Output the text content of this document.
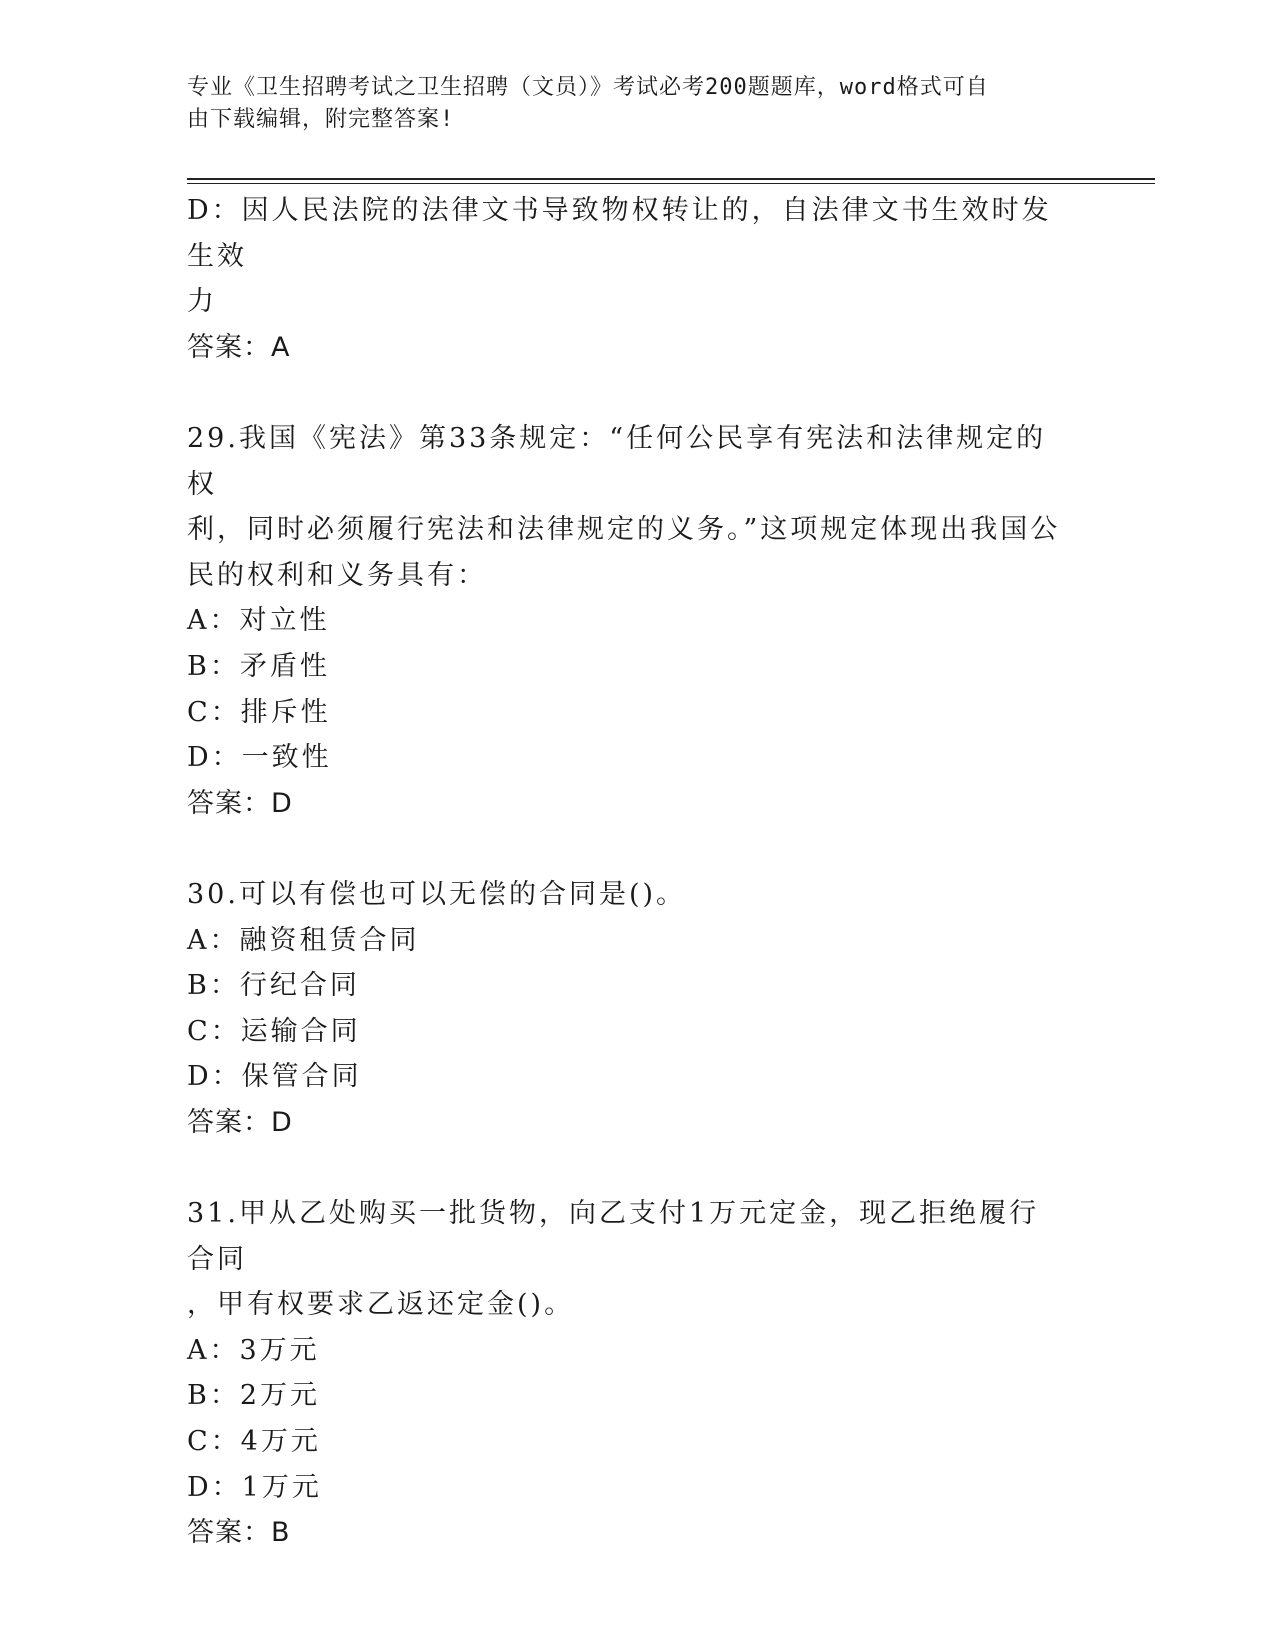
专业《卫生招聘考试之卫生招聘（文员）》考试必考200题题库，word格式可自
由下载编辑，附完整答案!
D：因人民法院的法律文书导致物权转让的，自法律文书生效时发生效
力
答案：A
29.我国《宪法》第33条规定：“任何公民享有宪法和法律规定的权
利，同时必须履行宪法和法律规定的义务。”这项规定体现出我国公
民的权利和义务具有：
A：对立性
B：矛盾性
C：排斥性
D：一致性
答案：D
30.可以有偿也可以无偿的合同是()。
A：融资租赁合同
B：行纪合同
C：运输合同
D：保管合同
答案：D
31.甲从乙处购买一批货物，向乙支付1万元定金，现乙拒绝履行合同
，甲有权要求乙返还定金()。
A：3万元
B：2万元
C：4万元
D：1万元
答案：B
